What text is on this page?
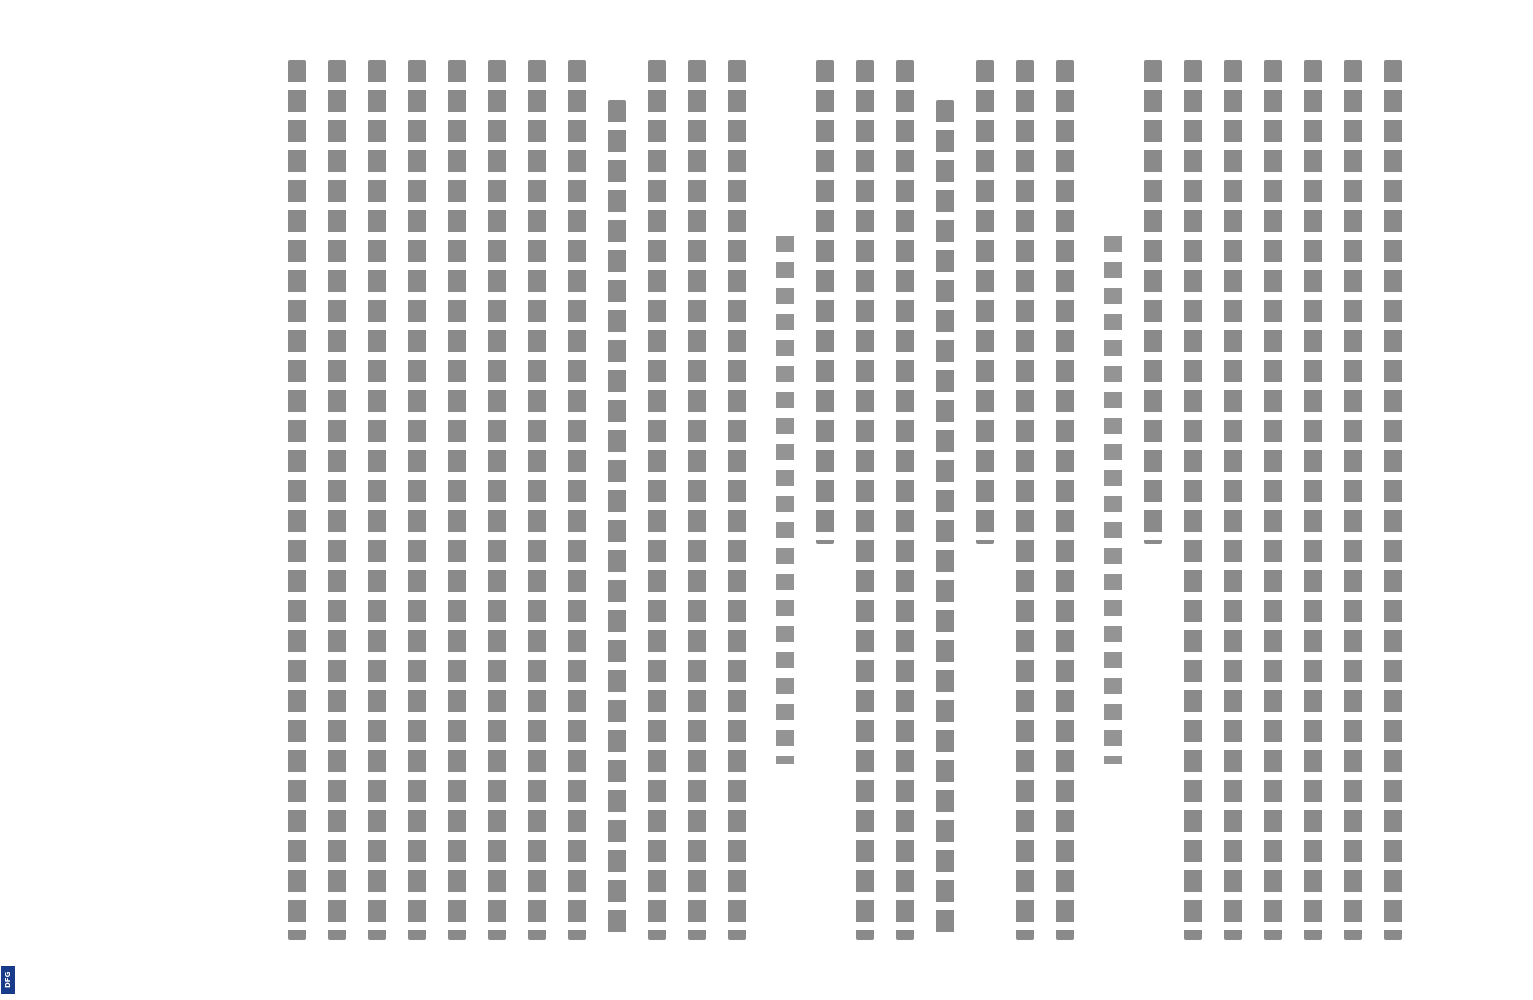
DFG
